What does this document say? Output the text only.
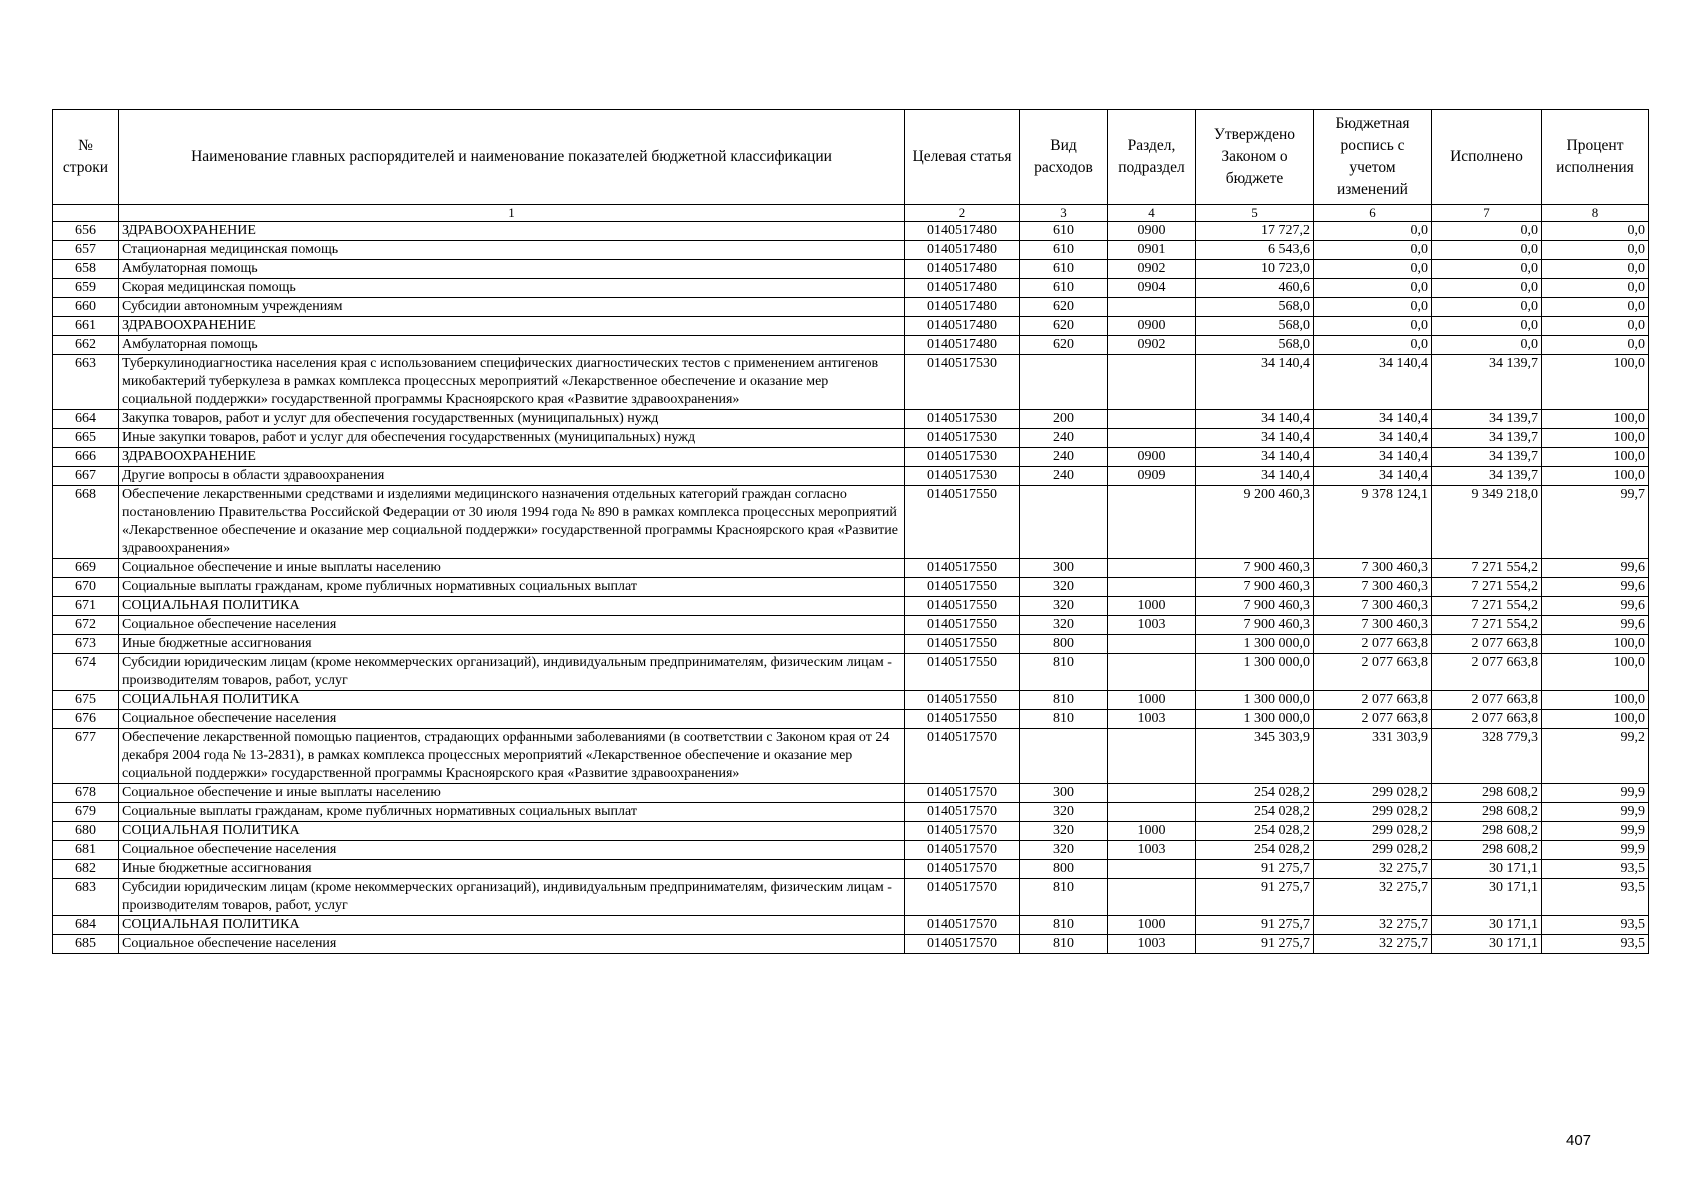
№ строки	Наименование главных распорядителей и наименование показателей бюджетной классификации	Целевая статья	Вид расходов	Раздел, подраздел	Утверждено Законом о бюджете	Бюджетная роспись с учетом изменений	Исполнено	Процент исполнения
	1	2	3	4	5	6	7	8
656	ЗДРАВООХРАНЕНИЕ	0140517480	610	0900	17 727,2	0,0	0,0	0,0
657	Стационарная медицинская помощь	0140517480	610	0901	6 543,6	0,0	0,0	0,0
658	Амбулаторная помощь	0140517480	610	0902	10 723,0	0,0	0,0	0,0
659	Скорая медицинская помощь	0140517480	610	0904	460,6	0,0	0,0	0,0
660	Субсидии автономным учреждениям	0140517480	620		568,0	0,0	0,0	0,0
661	ЗДРАВООХРАНЕНИЕ	0140517480	620	0900	568,0	0,0	0,0	0,0
662	Амбулаторная помощь	0140517480	620	0902	568,0	0,0	0,0	0,0
663	Туберкулинодиагностика населения края с использованием специфических диагностических тестов с применением антигенов микобактерий туберкулеза в рамках комплекса процессных мероприятий «Лекарственное обеспечение и оказание мер социальной поддержки» государственной программы Красноярского края «Развитие здравоохранения»	0140517530			34 140,4	34 140,4	34 139,7	100,0
664	Закупка товаров, работ и услуг для обеспечения государственных (муниципальных) нужд	0140517530	200		34 140,4	34 140,4	34 139,7	100,0
665	Иные закупки товаров, работ и услуг для обеспечения государственных (муниципальных) нужд	0140517530	240		34 140,4	34 140,4	34 139,7	100,0
666	ЗДРАВООХРАНЕНИЕ	0140517530	240	0900	34 140,4	34 140,4	34 139,7	100,0
667	Другие вопросы в области здравоохранения	0140517530	240	0909	34 140,4	34 140,4	34 139,7	100,0
668	Обеспечение лекарственными средствами и изделиями медицинского назначения отдельных категорий граждан согласно постановлению Правительства Российской Федерации от 30 июля 1994 года № 890 в рамках комплекса процессных мероприятий «Лекарственное обеспечение и оказание мер социальной поддержки» государственной программы Красноярского края «Развитие здравоохранения»	0140517550			9 200 460,3	9 378 124,1	9 349 218,0	99,7
669	Социальное обеспечение и иные выплаты населению	0140517550	300		7 900 460,3	7 300 460,3	7 271 554,2	99,6
670	Социальные выплаты гражданам, кроме публичных нормативных социальных выплат	0140517550	320		7 900 460,3	7 300 460,3	7 271 554,2	99,6
671	СОЦИАЛЬНАЯ ПОЛИТИКА	0140517550	320	1000	7 900 460,3	7 300 460,3	7 271 554,2	99,6
672	Социальное обеспечение населения	0140517550	320	1003	7 900 460,3	7 300 460,3	7 271 554,2	99,6
673	Иные бюджетные ассигнования	0140517550	800		1 300 000,0	2 077 663,8	2 077 663,8	100,0
674	Субсидии юридическим лицам (кроме некоммерческих организаций), индивидуальным предпринимателям, физическим лицам - производителям товаров, работ, услуг	0140517550	810		1 300 000,0	2 077 663,8	2 077 663,8	100,0
675	СОЦИАЛЬНАЯ ПОЛИТИКА	0140517550	810	1000	1 300 000,0	2 077 663,8	2 077 663,8	100,0
676	Социальное обеспечение населения	0140517550	810	1003	1 300 000,0	2 077 663,8	2 077 663,8	100,0
677	Обеспечение лекарственной помощью пациентов, страдающих орфанными заболеваниями (в соответствии с Законом края от 24 декабря 2004 года № 13-2831), в рамках комплекса процессных мероприятий «Лекарственное обеспечение и оказание мер социальной поддержки» государственной программы Красноярского края «Развитие здравоохранения»	0140517570			345 303,9	331 303,9	328 779,3	99,2
678	Социальное обеспечение и иные выплаты населению	0140517570	300		254 028,2	299 028,2	298 608,2	99,9
679	Социальные выплаты гражданам, кроме публичных нормативных социальных выплат	0140517570	320		254 028,2	299 028,2	298 608,2	99,9
680	СОЦИАЛЬНАЯ ПОЛИТИКА	0140517570	320	1000	254 028,2	299 028,2	298 608,2	99,9
681	Социальное обеспечение населения	0140517570	320	1003	254 028,2	299 028,2	298 608,2	99,9
682	Иные бюджетные ассигнования	0140517570	800		91 275,7	32 275,7	30 171,1	93,5
683	Субсидии юридическим лицам (кроме некоммерческих организаций), индивидуальным предпринимателям, физическим лицам - производителям товаров, работ, услуг	0140517570	810		91 275,7	32 275,7	30 171,1	93,5
684	СОЦИАЛЬНАЯ ПОЛИТИКА	0140517570	810	1000	91 275,7	32 275,7	30 171,1	93,5
685	Социальное обеспечение населения	0140517570	810	1003	91 275,7	32 275,7	30 171,1	93,5
407
